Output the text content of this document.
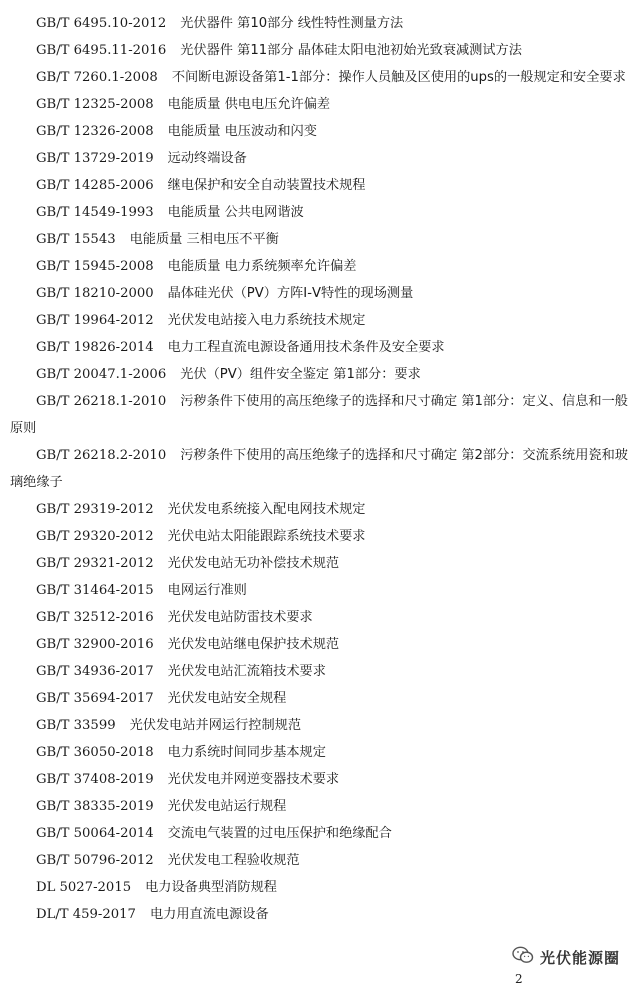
GB/T 6495.10-2012 光伏器件 第10部分 线性特性测量方法
GB/T 6495.11-2016 光伏器件 第11部分 晶体硅太阳电池初始光致衰减测试方法
GB/T 7260.1-2008 不间断电源设备第1-1部分：操作人员触及区使用的ups的一般规定和安全要求
GB/T 12325-2008 电能质量 供电电压允许偏差
GB/T 12326-2008 电能质量 电压波动和闪变
GB/T 13729-2019 远动终端设备
GB/T 14285-2006 继电保护和安全自动装置技术规程
GB/T 14549-1993 电能质量 公共电网谐波
GB/T 15543 电能质量 三相电压不平衡
GB/T 15945-2008 电能质量 电力系统频率允许偏差
GB/T 18210-2000 晶体硅光伏（PV）方阵Ⅰ-Ⅴ特性的现场测量
GB/T 19964-2012 光伏发电站接入电力系统技术规定
GB/T 19826-2014 电力工程直流电源设备通用技术条件及安全要求
GB/T 20047.1-2006 光伏（PV）组件安全鉴定 第1部分：要求
GB/T 26218.1-2010 污秽条件下使用的高压绝缘子的选择和尺寸确定 第1部分：定义、信息和一般原则
GB/T 26218.2-2010 污秽条件下使用的高压绝缘子的选择和尺寸确定 第2部分：交流系统用瓷和玻璃绝缘子
GB/T 29319-2012 光伏发电系统接入配电网技术规定
GB/T 29320-2012 光伏电站太阳能跟踪系统技术要求
GB/T 29321-2012 光伏发电站无功补偿技术规范
GB/T 31464-2015 电网运行准则
GB/T 32512-2016 光伏发电站防雷技术要求
GB/T 32900-2016 光伏发电站继电保护技术规范
GB/T 34936-2017 光伏发电站汇流箱技术要求
GB/T 35694-2017 光伏发电站安全规程
GB/T 33599 光伏发电站并网运行控制规范
GB/T 36050-2018 电力系统时间同步基本规定
GB/T 37408-2019 光伏发电并网逆变器技术要求
GB/T 38335-2019 光伏发电站运行规程
GB/T 50064-2014 交流电气装置的过电压保护和绝缘配合
GB/T 50796-2012 光伏发电工程验收规范
DL 5027-2015 电力设备典型消防规程
DL/T 459-2017 电力用直流电源设备
光伏能源圈
2
